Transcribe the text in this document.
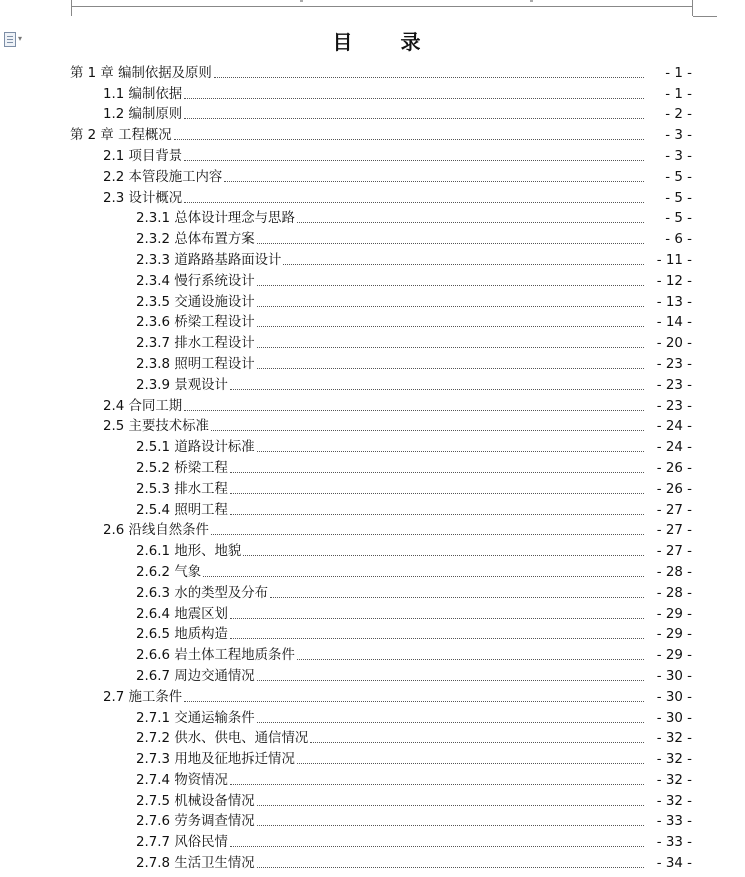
▾	目　录
第 1 章 编制依据及原则	- 1 -
1.1 编制依据	- 1 -
1.2 编制原则	- 2 -
第 2 章 工程概况	- 3 -
2.1 项目背景	- 3 -
2.2 本管段施工内容	- 5 -
2.3 设计概况	- 5 -
2.3.1 总体设计理念与思路	- 5 -
2.3.2 总体布置方案	- 6 -
2.3.3 道路路基路面设计	- 11 -
2.3.4 慢行系统设计	- 12 -
2.3.5 交通设施设计	- 13 -
2.3.6 桥梁工程设计	- 14 -
2.3.7 排水工程设计	- 20 -
2.3.8 照明工程设计	- 23 -
2.3.9 景观设计	- 23 -
2.4 合同工期	- 23 -
2.5 主要技术标准	- 24 -
2.5.1 道路设计标准	- 24 -
2.5.2 桥梁工程	- 26 -
2.5.3 排水工程	- 26 -
2.5.4 照明工程	- 27 -
2.6 沿线自然条件	- 27 -
2.6.1 地形、地貌	- 27 -
2.6.2 气象	- 28 -
2.6.3 水的类型及分布	- 28 -
2.6.4 地震区划	- 29 -
2.6.5 地质构造	- 29 -
2.6.6 岩土体工程地质条件	- 29 -
2.6.7 周边交通情况	- 30 -
2.7 施工条件	- 30 -
2.7.1 交通运输条件	- 30 -
2.7.2 供水、供电、通信情况	- 32 -
2.7.3 用地及征地拆迁情况	- 32 -
2.7.4 物资情况	- 32 -
2.7.5 机械设备情况	- 32 -
2.7.6 劳务调查情况	- 33 -
2.7.7 风俗民情	- 33 -
2.7.8 生活卫生情况	- 34 -
